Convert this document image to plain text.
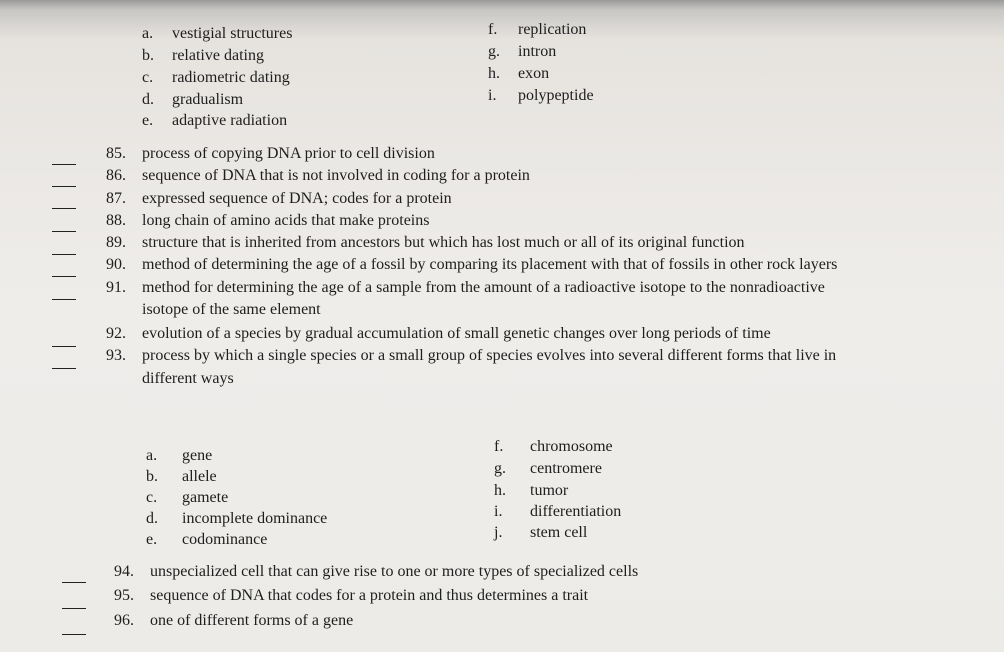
a. vestigial structures
b. relative dating
c. radiometric dating
d. gradualism
e. adaptive radiation
f. replication
g. intron
h. exon
i. polypeptide
85. process of copying DNA prior to cell division
86. sequence of DNA that is not involved in coding for a protein
87. expressed sequence of DNA; codes for a protein
88. long chain of amino acids that make proteins
89. structure that is inherited from ancestors but which has lost much or all of its original function
90. method of determining the age of a fossil by comparing its placement with that of fossils in other rock layers
91. method for determining the age of a sample from the amount of a radioactive isotope to the nonradioactive
isotope of the same element
92. evolution of a species by gradual accumulation of small genetic changes over long periods of time
93. process by which a single species or a small group of species evolves into several different forms that live in
different ways
a. gene
b. allele
c. gamete
d. incomplete dominance
e. codominance
f. chromosome
g. centromere
h. tumor
i. differentiation
j. stem cell
94. unspecialized cell that can give rise to one or more types of specialized cells
95. sequence of DNA that codes for a protein and thus determines a trait
96. one of different forms of a gene
